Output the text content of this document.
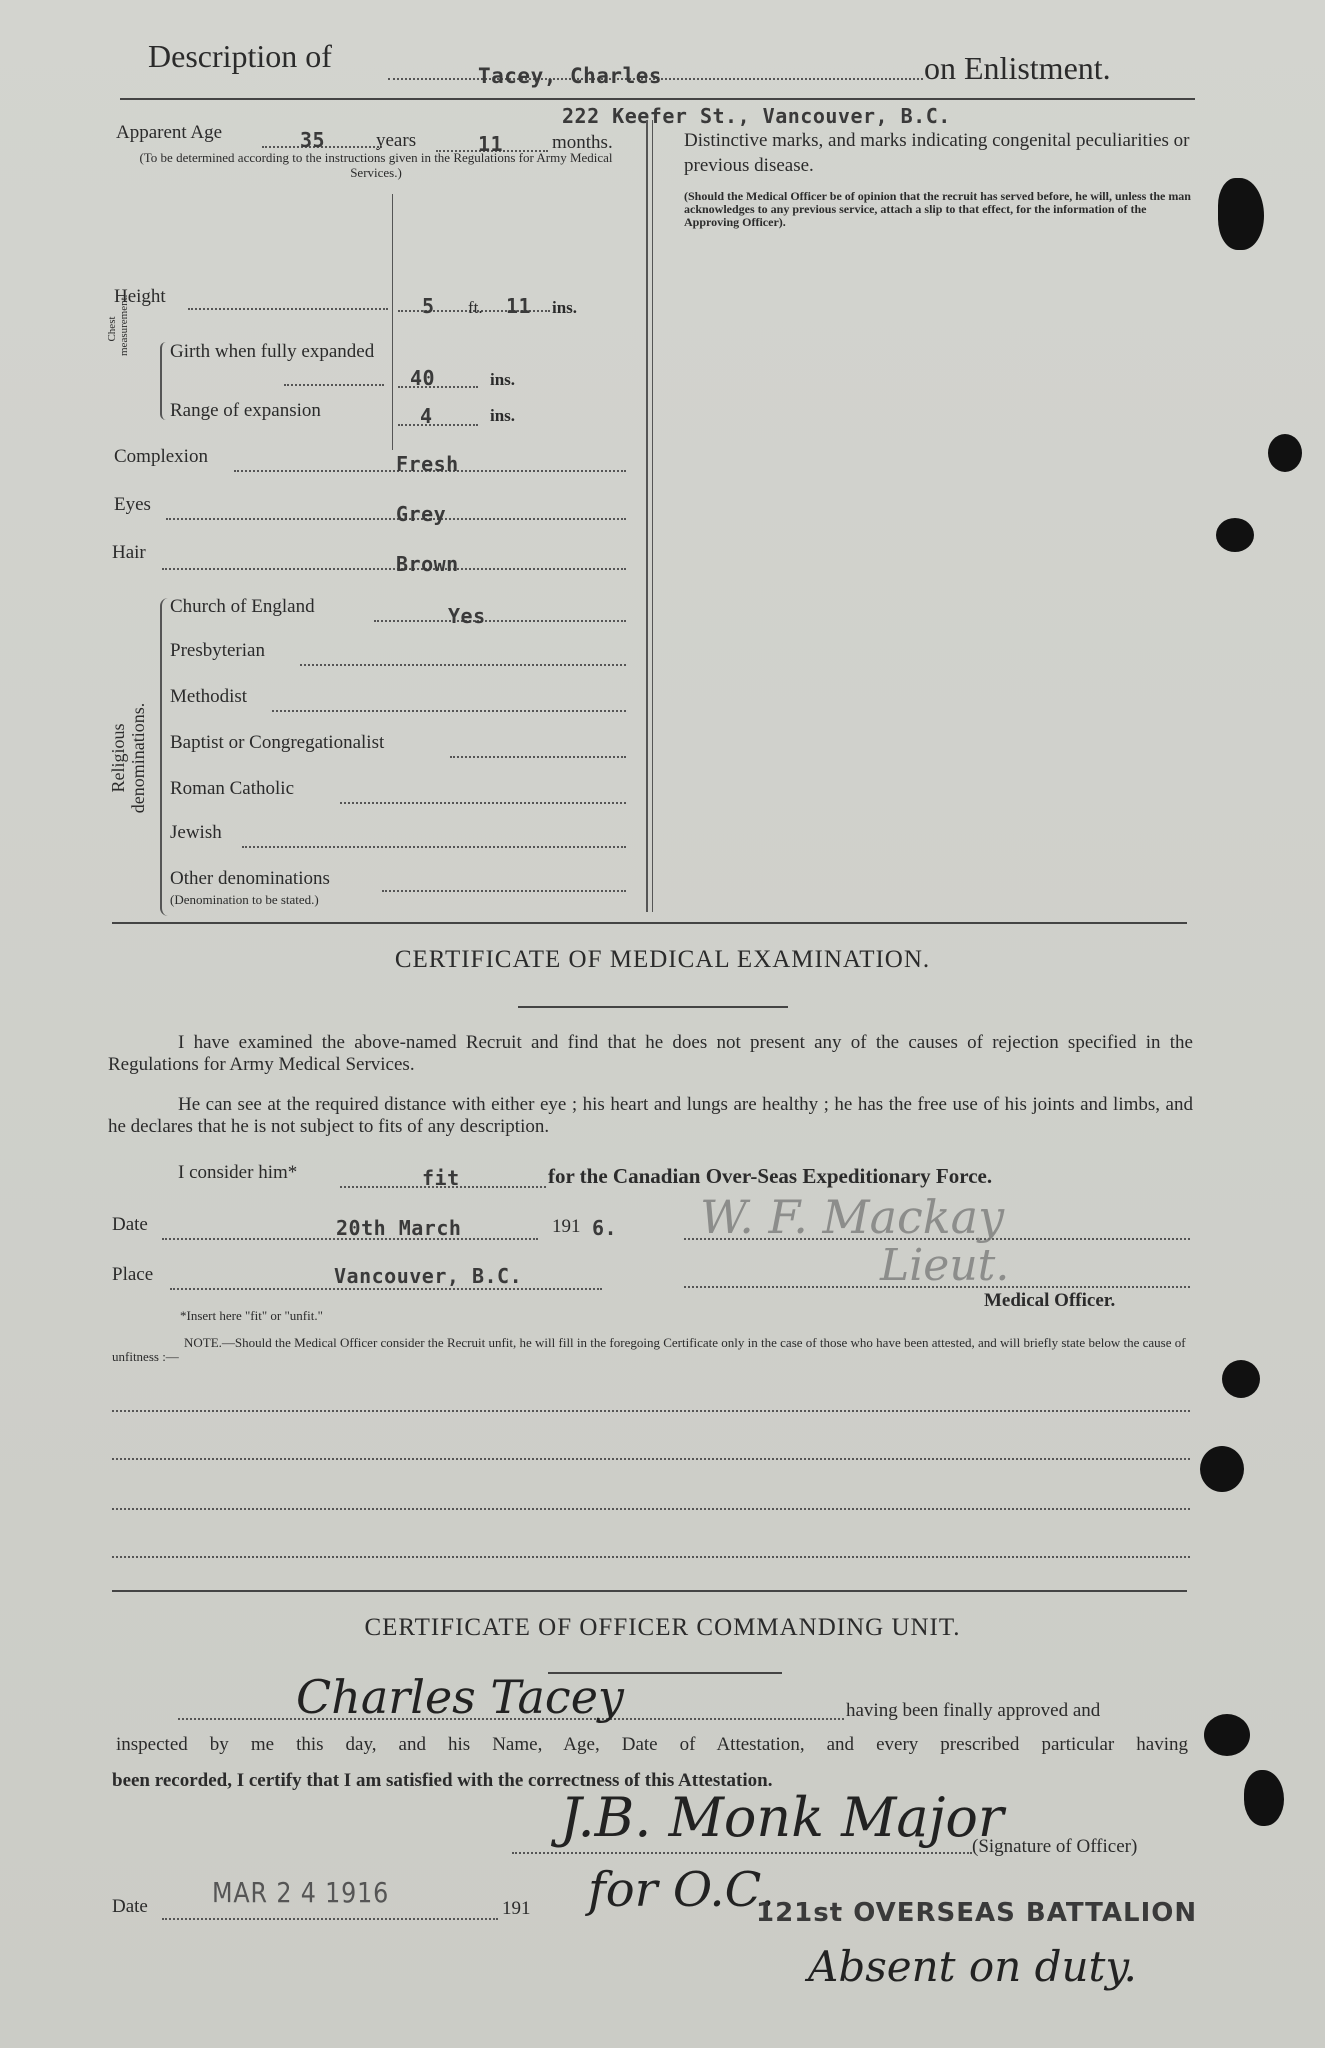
Description of
Tacey, Charles	on Enlistment.
222 Keefer St., Vancouver, B.C.
Apparent Age	35	years	11	months.
(To be determined according to the instructions given in the Regulations for Army Medical Services.)
Height	5 ft. 11 ins.
Chest measurement.	Girth when fully expanded
40	ins.
Range of expansion	4	ins.
Complexion	Fresh
Eyes	Grey
Hair	Brown
Religious denominations.
Church of England	Yes
Presbyterian
Methodist
Baptist or Congregationalist
Roman Catholic
Jewish
Other denominations
(Denomination to be stated.)
Distinctive marks, and marks indicating congenital peculiarities or previous disease.
(Should the Medical Officer be of opinion that the recruit has served before, he will, unless the man acknowledges to any previous service, attach a slip to that effect, for the information of the Approving Officer).
CERTIFICATE OF MEDICAL EXAMINATION.
I have examined the above-named Recruit and find that he does not present any of the causes of rejection specified in the Regulations for Army Medical Services.
He can see at the required distance with either eye ; his heart and lungs are healthy ; he has the free use of his joints and limbs, and he declares that he is not subject to fits of any description.
I consider him*	fit	for the Canadian Over-Seas Expeditionary Force.
Date	20th March	191 6. W. F. Mackay
Place	Vancouver, B.C.	Lieut.
Medical Officer.
*Insert here "fit" or "unfit."
NOTE.—Should the Medical Officer consider the Recruit unfit, he will fill in the foregoing Certificate only in the case of those who have been attested, and will briefly state below the cause of unfitness :—
CERTIFICATE OF OFFICER COMMANDING UNIT.
Charles Tacey	having been finally approved and
inspected by me this day, and his Name, Age, Date of Attestation, and every prescribed particular having
been recorded, I certify that I am satisfied with the correctness of this Attestation.
J.B. Monk Major
(Signature of Officer)
Date MAR 2 4 1916	191 for O.C.
121st OVERSEAS BATTALION
Absent on duty.
